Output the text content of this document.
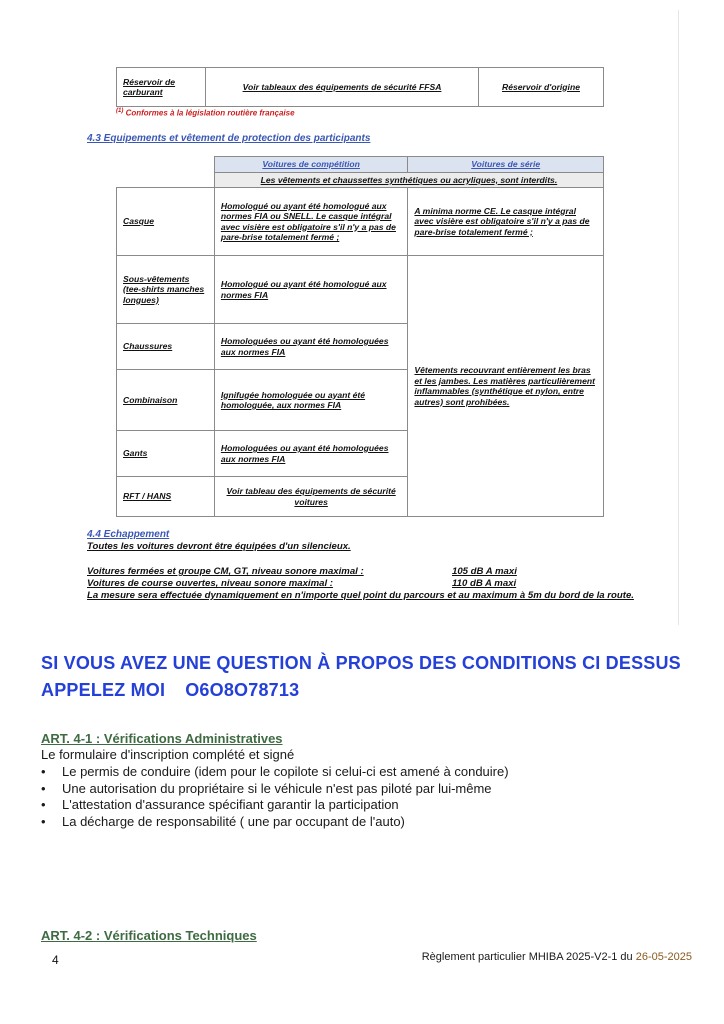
Réservoir de carburant	Voir tableaux des équipements de sécurité FFSA	Réservoir d'origine
$^{(1)}$ Conformes à la législation routière française
4.3 Equipements et vêtement de protection des participants
	Voitures de compétition	Voitures de série
	Les vêtements et chaussettes synthétiques ou acryliques, sont interdits.	
Casque	Homologué ou ayant été homologué aux normes FIA ou SNELL. Le casque intégral avec visière est obligatoire s'il n'y a pas de pare-brise totalement fermé ;	A minima norme CE. Le casque intégral avec visière est obligatoire s'il n'y a pas de pare-brise totalement fermé ;
Sous-vêtements (tee-shirts manches longues)	Homologué ou ayant été homologué aux normes FIA	Vêtements recouvrant entièrement les bras et les jambes. Les matières particulièrement inflammables (synthétique et nylon, entre autres) sont prohibées.
Chaussures	Homologuées ou ayant été homologuées aux normes FIA	
Combinaison	Ignifugée homologuée ou ayant été homologuée, aux normes FIA	
Gants	Homologuées ou ayant été homologuées aux normes FIA	
RFT / HANS	Voir tableau des équipements de sécurité voitures	
4.4 Echappement
Toutes les voitures devront être équipées d'un silencieux.
Voitures fermées et groupe CM, GT, niveau sonore maximal :	105 dB A maxi
Voitures de course ouvertes, niveau sonore maximal :	110 dB A maxi
La mesure sera effectuée dynamiquement en n'importe quel point du parcours et au maximum à 5m du bord de la route.
SI VOUS AVEZ UNE QUESTION À PROPOS DES CONDITIONS CI DESSUS
APPELEZ MOI O6O8O78713
ART. 4-1 : Vérifications Administratives
Le formulaire d'inscription complété et signé
• Le permis de conduire (idem pour le copilote si celui-ci est amené à conduire)
• Une autorisation du propriétaire si le véhicule n'est pas piloté par lui-même
• L'attestation d'assurance spécifiant garantir la participation
• La décharge de responsabilité ( une par occupant de l'auto)
ART. 4-2 : Vérifications Techniques
4	Règlement particulier MHIBA 2025-V2-1 du 26-05-2025
